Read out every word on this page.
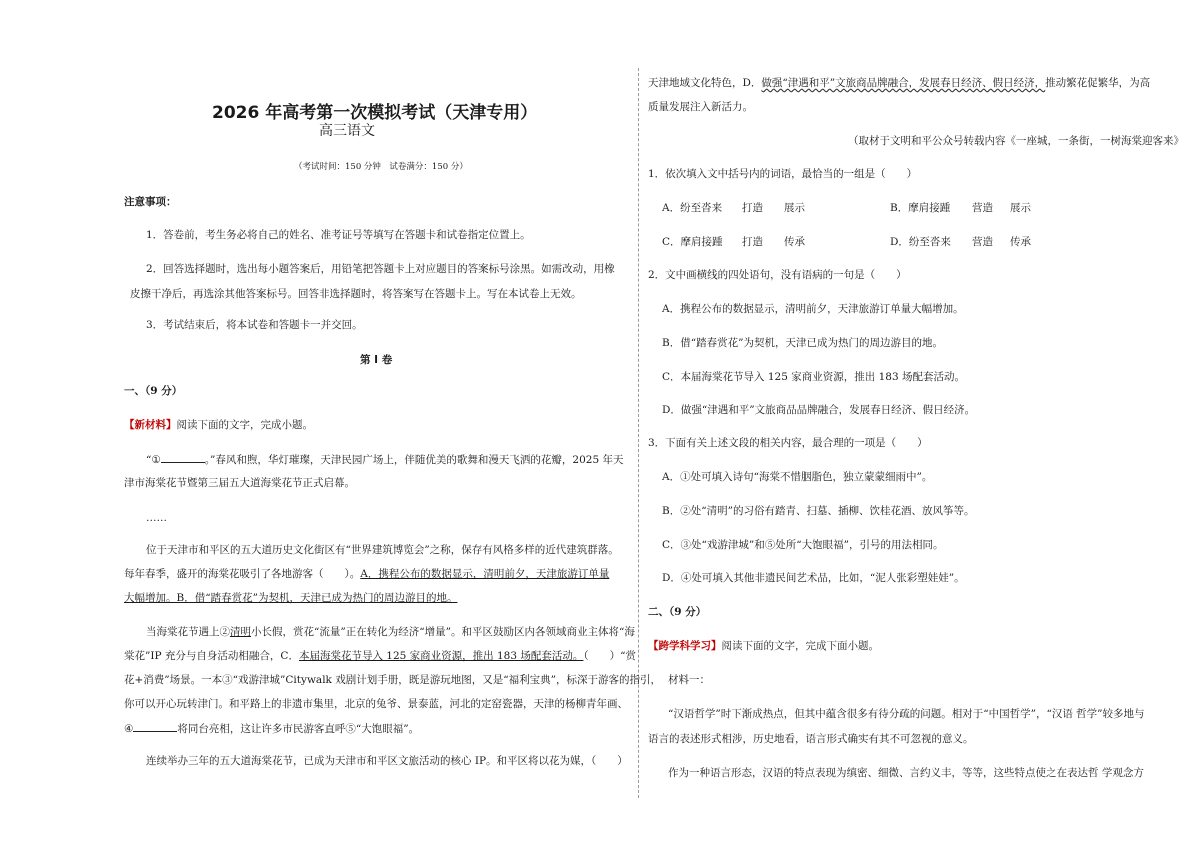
2026 年高考第一次模拟考试（天津专用）
高三语文
（考试时间：150 分钟　试卷满分：150 分）
注意事项：
1．答卷前，考生务必将自己的姓名、准考证号等填写在答题卡和试卷指定位置上。
2．回答选择题时，选出每小题答案后，用铅笔把答题卡上对应题目的答案标号涂黑。如需改动，用橡
皮擦干净后，再选涂其他答案标号。回答非选择题时，将答案写在答题卡上。写在本试卷上无效。
3．考试结束后，将本试卷和答题卡一并交回。
第 I 卷
一、（9 分）
【新材料】阅读下面的文字，完成小题。
“①	。”春风和煦，华灯璀璨，天津民园广场上，伴随优美的歌舞和漫天飞洒的花瓣，2025 年天
津市海棠花节暨第三届五大道海棠花节正式启幕。
……
位于天津市和平区的五大道历史文化街区有“世界建筑博览会”之称，保存有风格多样的近代建筑群落。
每年春季，盛开的海棠花吸引了各地游客（　　）。A．携程公布的数据显示，清明前夕，天津旅游订单量
大幅增加。B．借“踏春赏花”为契机，天津已成为热门的周边游目的地。
当海棠花节遇上②清明小长假，赏花“流量”正在转化为经济“增量”。和平区鼓励区内各领域商业主体将“海
棠花”IP 充分与自身活动相融合，C．本届海棠花节导入 125 家商业资源，推出 183 场配套活动。（　　）“赏
花+消费”场景。一本③“戏游津城”Citywalk 戏剧计划手册，既是游玩地图，又是“福利宝典”，标深于游客的指引，
你可以开心玩转津门。和平路上的非遗市集里，北京的兔爷、景泰蓝，河北的定窑瓷器，天津的杨柳青年画、
④	将同台亮相，这让许多市民游客直呼⑤“大饱眼福”。
连续举办三年的五大道海棠花节，已成为天津市和平区文旅活动的核心 IP。和平区将以花为媒，（　　）
天津地域文化特色，D．做强“津遇和平”文旅商品牌融合，发展春日经济、假日经济，推动繁花促繁华，为高
质量发展注入新活力。
（取材于文明和平公众号转载内容《一座城，一条街，一树海棠迎客来》
1．依次填入文中括号内的词语，最恰当的一组是（　　）
A．纷至沓来 打造 展示	B．摩肩接踵 营造 展示
C．摩肩接踵 打造 传承	D．纷至沓来 营造 传承
2．文中画横线的四处语句，没有语病的一句是（　　）
A．携程公布的数据显示，清明前夕，天津旅游订单量大幅增加。
B．借“踏春赏花”为契机，天津已成为热门的周边游目的地。
C．本届海棠花节导入 125 家商业资源，推出 183 场配套活动。
D．做强“津遇和平”文旅商品品牌融合，发展春日经济、假日经济。
3．下面有关上述文段的相关内容，最合理的一项是（　　）
A．①处可填入诗句“海棠不惜胭脂色，独立蒙蒙细雨中”。
B．②处“清明”的习俗有踏青、扫墓、插柳、饮桂花酒、放风筝等。
C．③处“戏游津城”和⑤处所“大饱眼福”，引号的用法相同。
D．④处可填入其他非遗民间艺术品，比如，“泥人张彩塑娃娃”。
二、（9 分）
【跨学科学习】阅读下面的文字，完成下面小题。
材料一：
“汉语哲学”时下渐成热点，但其中蕴含很多有待分疏的问题。相对于“中国哲学”，“汉语 哲学”较多地与
语言的表述形式相涉，历史地看，语言形式确实有其不可忽视的意义。
作为一种语言形态，汉语的特点表现为缜密、细微、言约义丰，等等，这些特点使之在表达哲 学观念方
